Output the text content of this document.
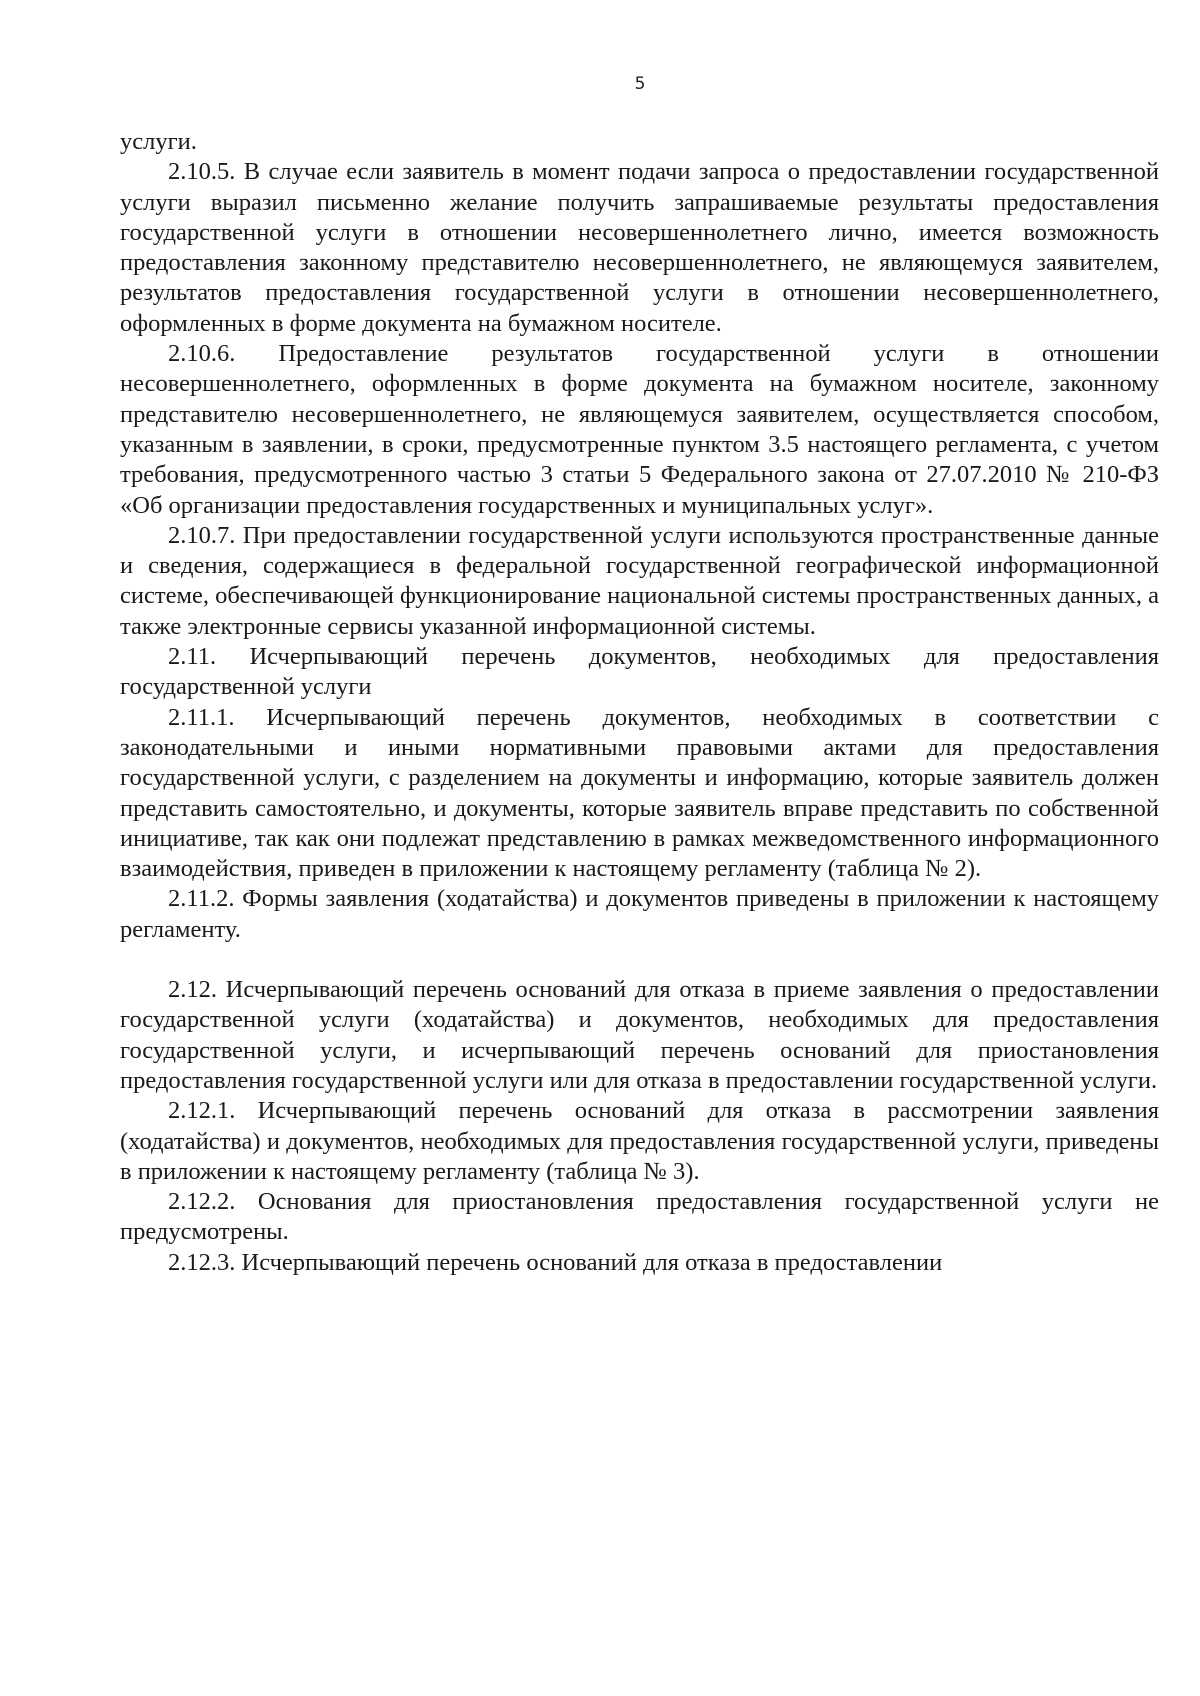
5

услуги.

2.10.5. В случае если заявитель в момент подачи запроса о предоставлении государственной услуги выразил письменно желание получить запрашиваемые результаты предоставления государственной услуги в отношении несовершеннолетнего лично, имеется возможность предоставления законному представителю несовершеннолетнего, не являющемуся заявителем, результатов предоставления государственной услуги в отношении несовершеннолетнего, оформленных в форме документа на бумажном носителе.

2.10.6. Предоставление результатов государственной услуги в отношении несовершеннолетнего, оформленных в форме документа на бумажном носителе, законному представителю несовершеннолетнего, не являющемуся заявителем, осуществляется способом, указанным в заявлении, в сроки, предусмотренные пунктом 3.5 настоящего регламента, с учетом требования, предусмотренного частью 3 статьи 5 Федерального закона от 27.07.2010 № 210-ФЗ «Об организации предоставления государственных и муниципальных услуг».

2.10.7. При предоставлении государственной услуги используются пространственные данные и сведения, содержащиеся в федеральной государственной географической информационной системе, обеспечивающей функционирование национальной системы пространственных данных, а также электронные сервисы указанной информационной системы.

2.11. Исчерпывающий перечень документов, необходимых для предоставления государственной услуги

2.11.1. Исчерпывающий перечень документов, необходимых в соответствии с законодательными и иными нормативными правовыми актами для предоставления государственной услуги, с разделением на документы и информацию, которые заявитель должен представить самостоятельно, и документы, которые заявитель вправе представить по собственной инициативе, так как они подлежат представлению в рамках межведомственного информационного взаимодействия, приведен в приложении к настоящему регламенту (таблица № 2).

2.11.2. Формы заявления (ходатайства) и документов приведены в приложении к настоящему регламенту.

2.12. Исчерпывающий перечень оснований для отказа в приеме заявления о предоставлении государственной услуги (ходатайства) и документов, необходимых для предоставления государственной услуги, и исчерпывающий перечень оснований для приостановления предоставления государственной услуги или для отказа в предоставлении государственной услуги.

2.12.1. Исчерпывающий перечень оснований для отказа в рассмотрении заявления (ходатайства) и документов, необходимых для предоставления государственной услуги, приведены в приложении к настоящему регламенту (таблица № 3).

2.12.2. Основания для приостановления предоставления государственной услуги не предусмотрены.

2.12.3. Исчерпывающий перечень оснований для отказа в предоставлении
